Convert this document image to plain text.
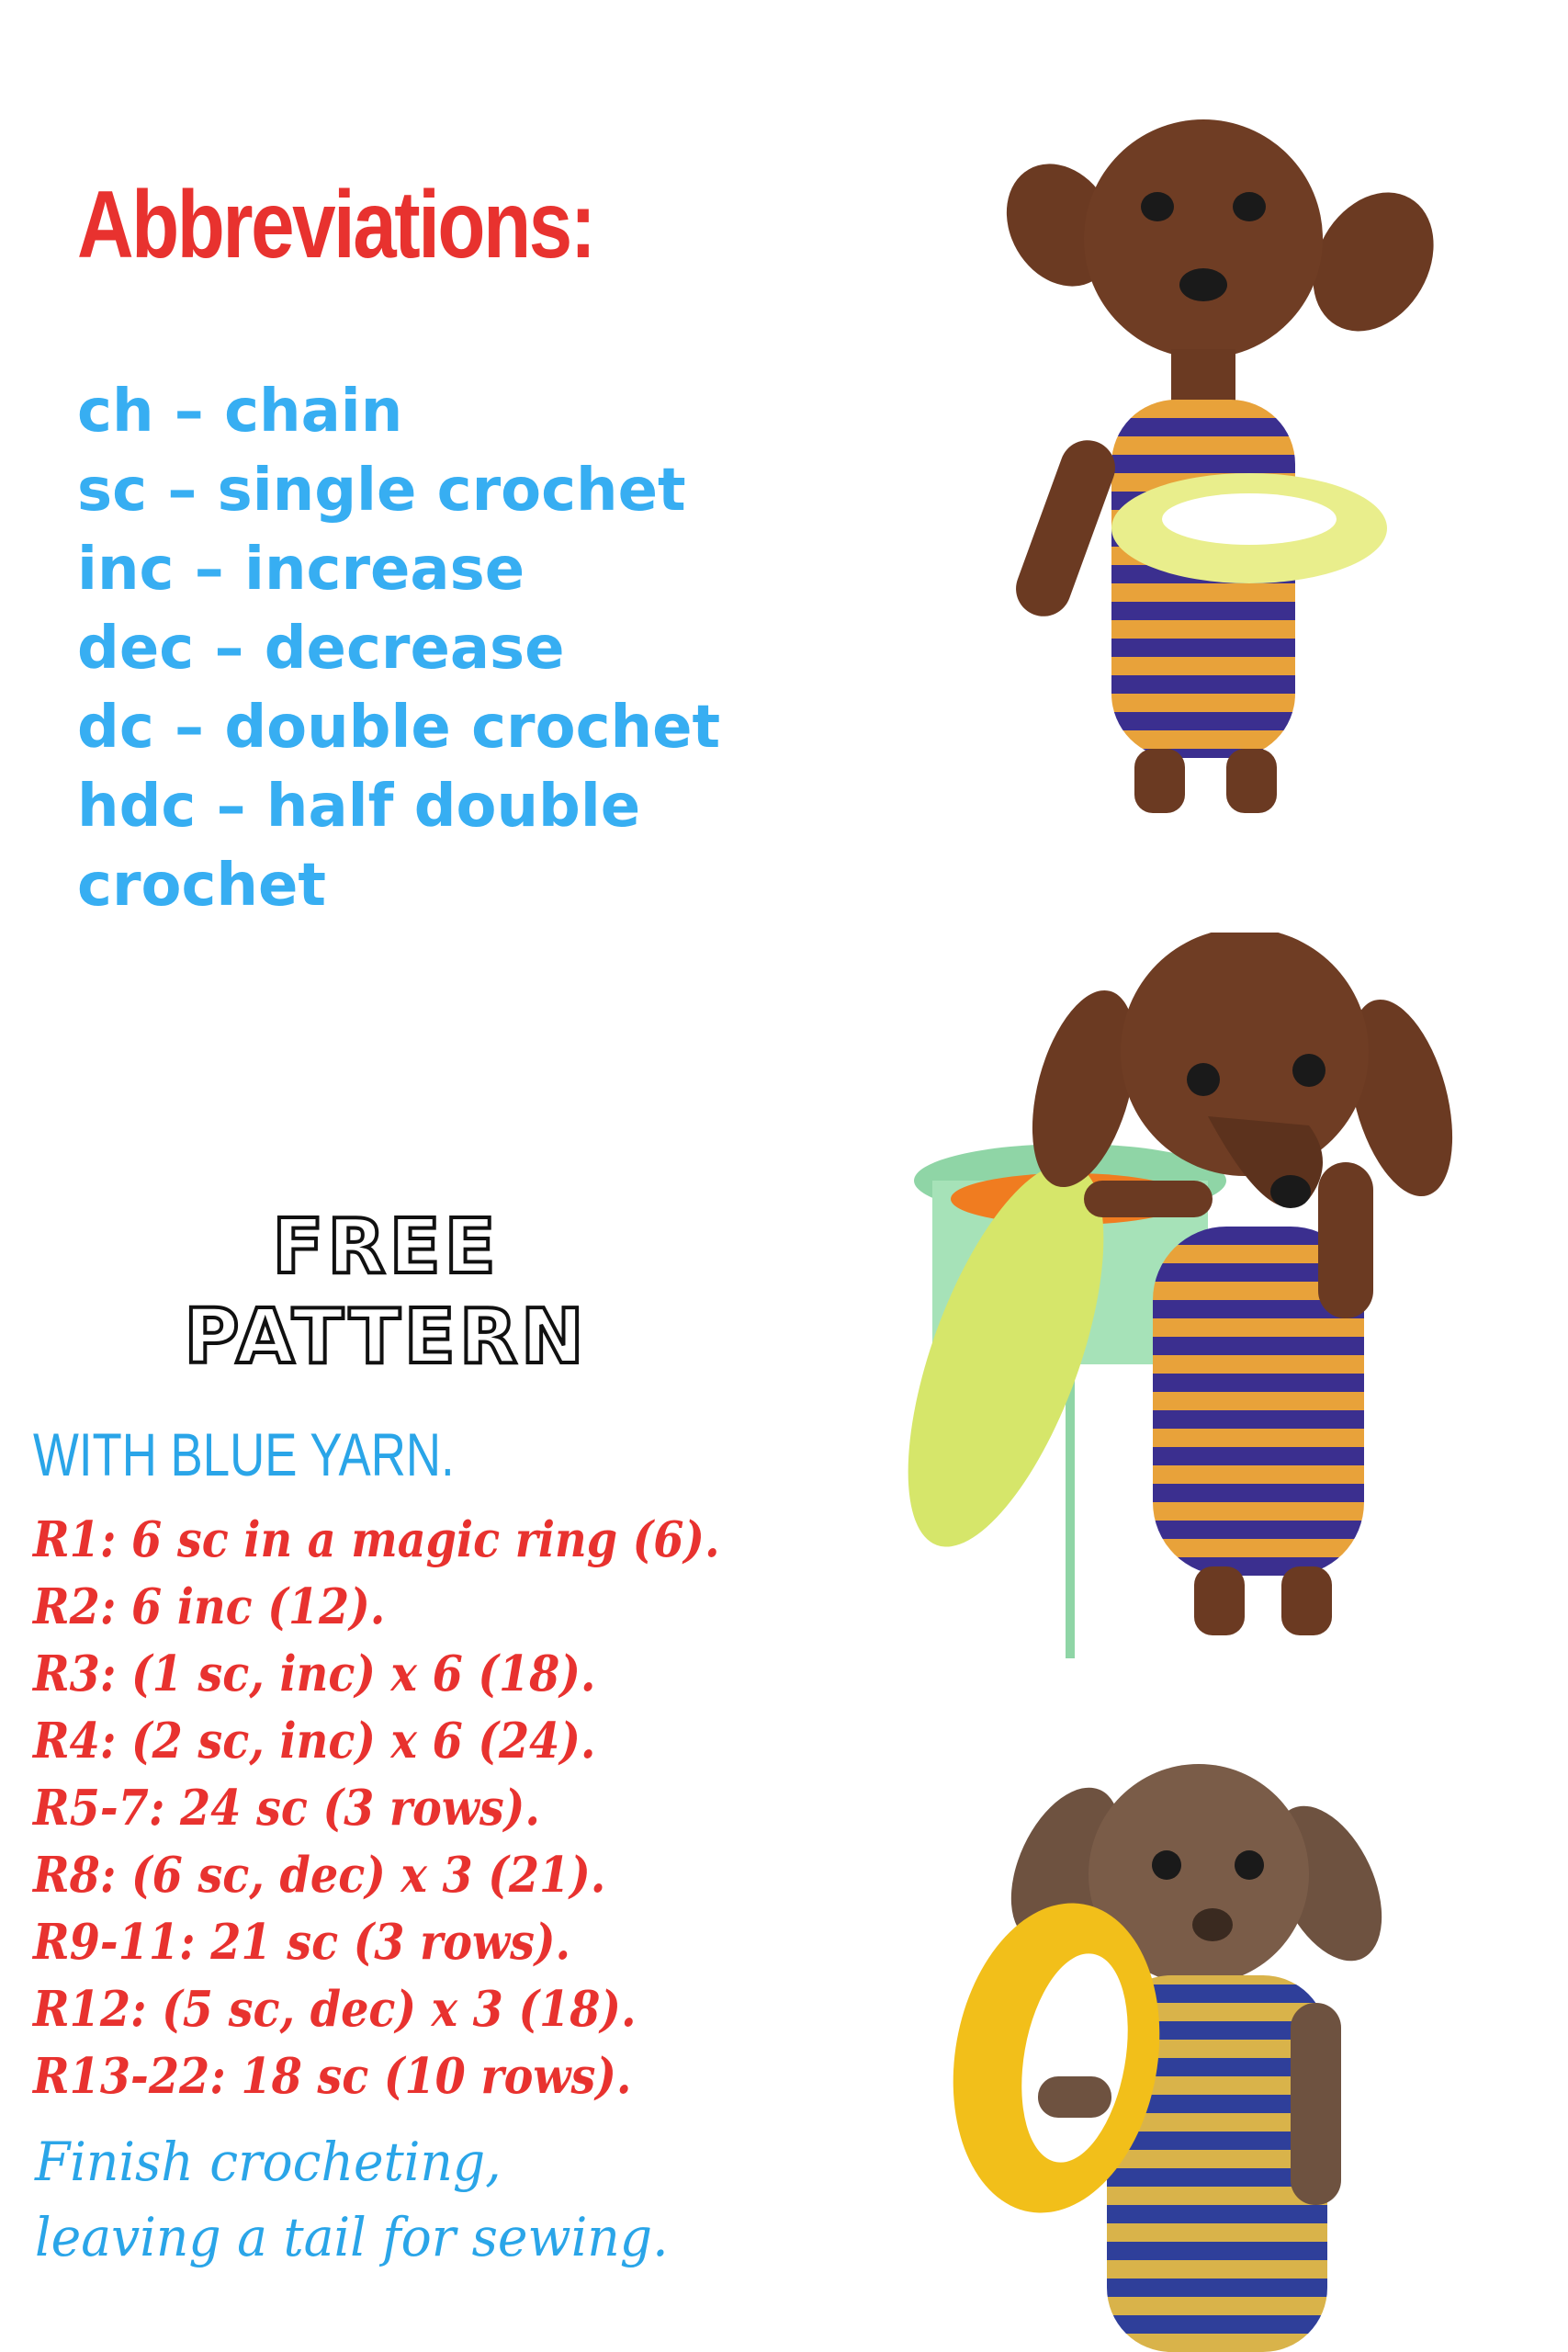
Abbreviations:
ch – chain
sc – single crochet
inc – increase
dec – decrease
dc – double crochet
hdc – half double
crochet
FREE
PATTERN
WITH BLUE YARN.
R1: 6 sc in a magic ring (6).
R2: 6 inc (12).
R3: (1 sc, inc) x 6 (18).
R4: (2 sc, inc) x 6 (24).
R5-7: 24 sc (3 rows).
R8: (6 sc, dec) x 3 (21).
R9-11: 21 sc (3 rows).
R12: (5 sc, dec) x 3 (18).
R13-22: 18 sc (10 rows).
Finish crocheting,
leaving a tail for sewing.
